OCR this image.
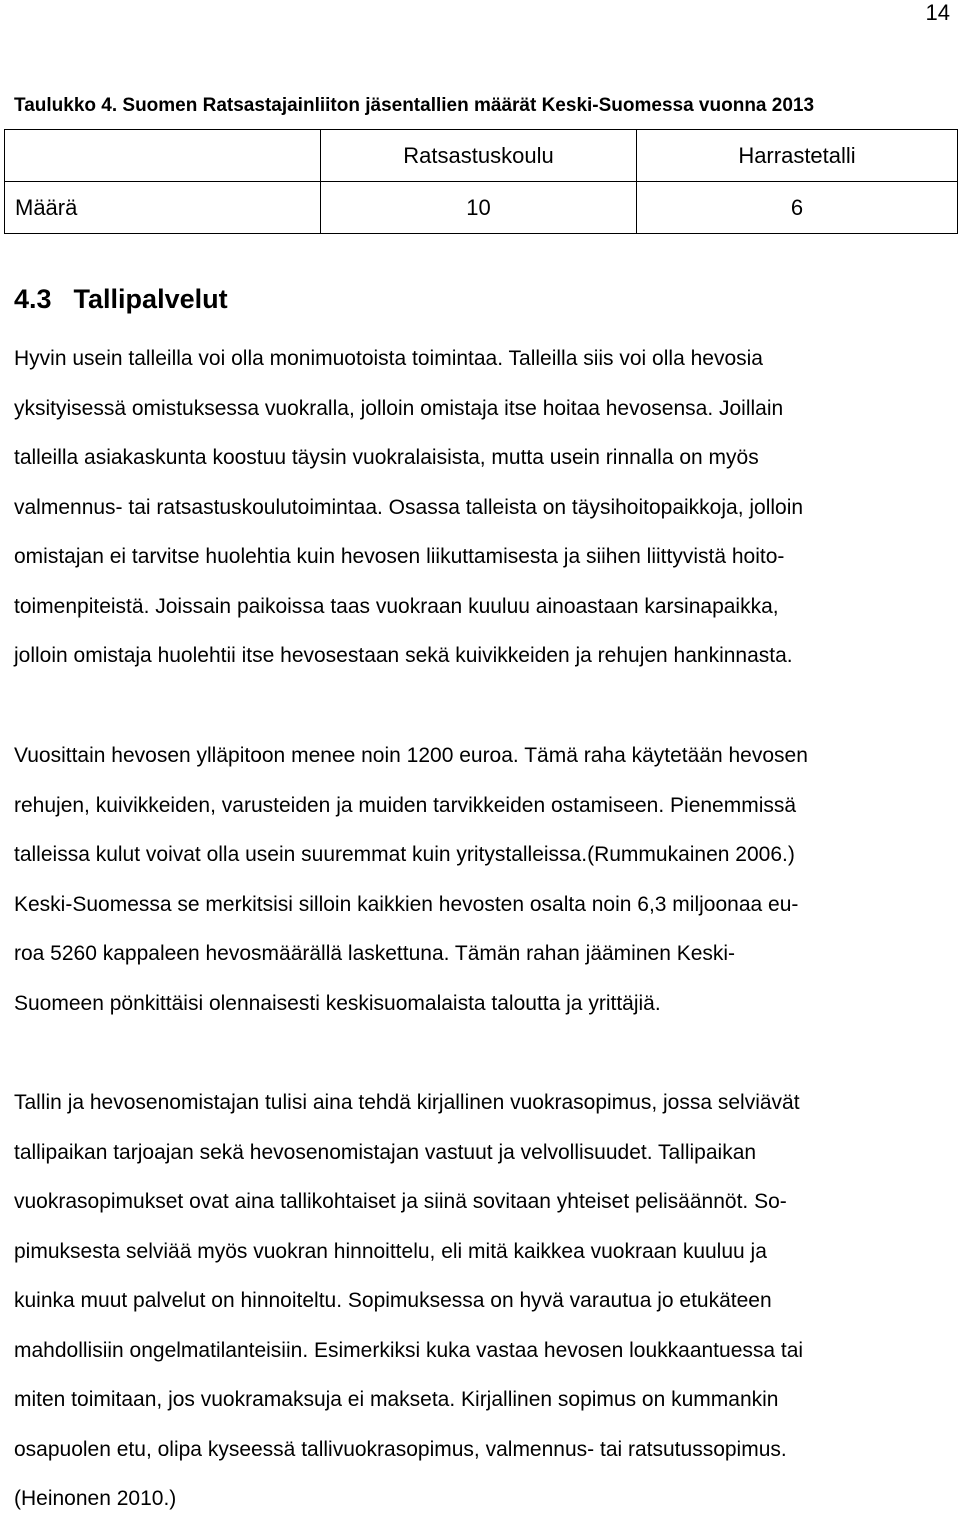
14
Taulukko 4. Suomen Ratsastajainliiton jäsentallien määrät Keski-Suomessa vuonna 2013
	Ratsastuskoulu	Harrastetalli
Määrä	10	6
4.3 Tallipalvelut

Hyvin usein talleilla voi olla monimuotoista toimintaa. Talleilla siis voi olla hevosia
yksityisessä omistuksessa vuokralla, jolloin omistaja itse hoitaa hevosensa. Joillain
talleilla asiakaskunta koostuu täysin vuokralaisista, mutta usein rinnalla on myös
valmennus- tai ratsastuskoulutoimintaa. Osassa talleista on täysihoitopaikkoja, jolloin
omistajan ei tarvitse huolehtia kuin hevosen liikuttamisesta ja siihen liittyvistä hoito-
toimenpiteistä. Joissain paikoissa taas vuokraan kuuluu ainoastaan karsinapaikka,
jolloin omistaja huolehtii itse hevosestaan sekä kuivikkeiden ja rehujen hankinnasta.

Vuosittain hevosen ylläpitoon menee noin 1200 euroa. Tämä raha käytetään hevosen
rehujen, kuivikkeiden, varusteiden ja muiden tarvikkeiden ostamiseen. Pienemmissä
talleissa kulut voivat olla usein suuremmat kuin yritystalleissa.(Rummukainen 2006.)
Keski-Suomessa se merkitsisi silloin kaikkien hevosten osalta noin 6,3 miljoonaa eu-
roa 5260 kappaleen hevosmäärällä laskettuna. Tämän rahan jääminen Keski-
Suomeen pönkittäisi olennaisesti keskisuomalaista taloutta ja yrittäjiä.

Tallin ja hevosenomistajan tulisi aina tehdä kirjallinen vuokrasopimus, jossa selviävät
tallipaikan tarjoajan sekä hevosenomistajan vastuut ja velvollisuudet. Tallipaikan
vuokrasopimukset ovat aina tallikohtaiset ja siinä sovitaan yhteiset pelisäännöt. So-
pimuksesta selviää myös vuokran hinnoittelu, eli mitä kaikkea vuokraan kuuluu ja
kuinka muut palvelut on hinnoiteltu. Sopimuksessa on hyvä varautua jo etukäteen
mahdollisiin ongelmatilanteisiin. Esimerkiksi kuka vastaa hevosen loukkaantuessa tai
miten toimitaan, jos vuokramaksuja ei makseta. Kirjallinen sopimus on kummankin
osapuolen etu, olipa kyseessä tallivuokrasopimus, valmennus- tai ratsutussopimus.
(Heinonen 2010.)
